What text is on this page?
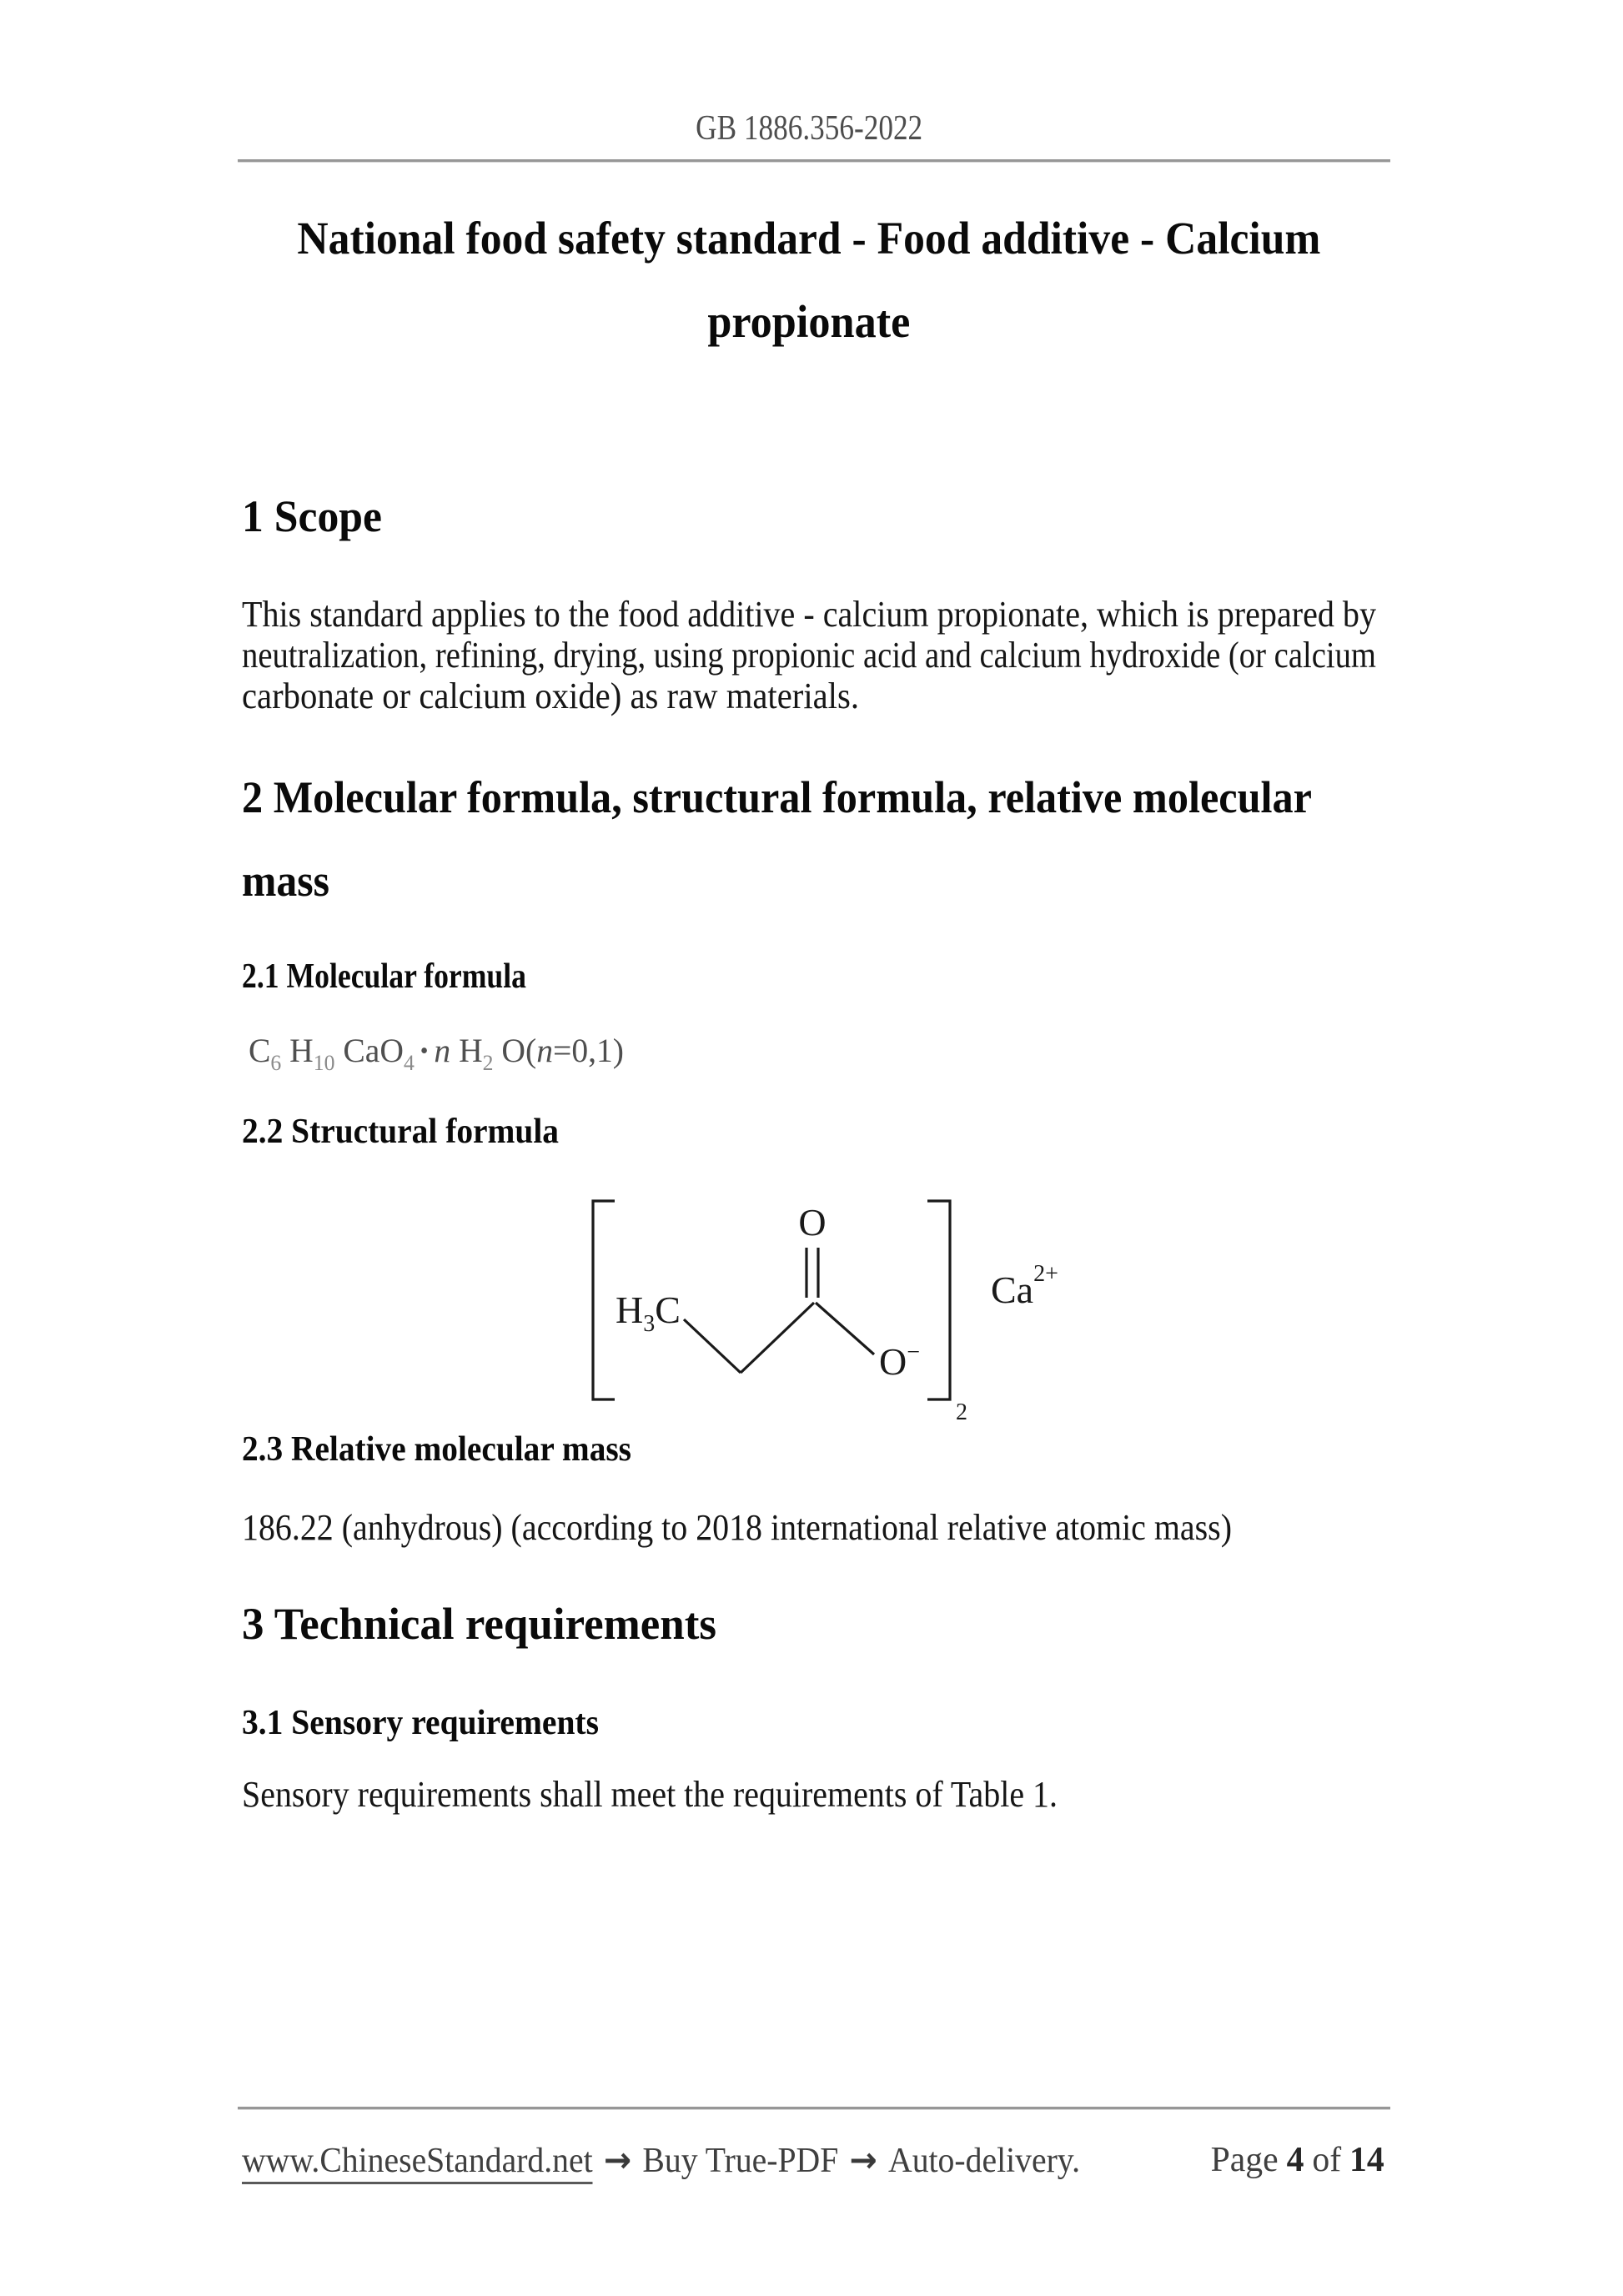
GB 1886.356-2022
National food safety standard - Food additive - Calcium
propionate
1 Scope
This standard applies to the food additive - calcium propionate, which is prepared by
neutralization, refining, drying, using propionic acid and calcium hydroxide (or calcium
carbonate or calcium oxide) as raw materials.
2 Molecular formula, structural formula, relative molecular
mass
2.1 Molecular formula
$C_6$ $H_{10}$ CaO$_4$ • n $H_2$ O(n=0,1)
2.2 Structural formula
$H_3C$
O
O−
2
$Ca^{2+}$
2.3 Relative molecular mass
186.22 (anhydrous) (according to 2018 international relative atomic mass)
3 Technical requirements
3.1 Sensory requirements
Sensory requirements shall meet the requirements of Table 1.
www.ChineseStandard.net → Buy True-PDF → Auto-delivery.	Page 4 of 14
